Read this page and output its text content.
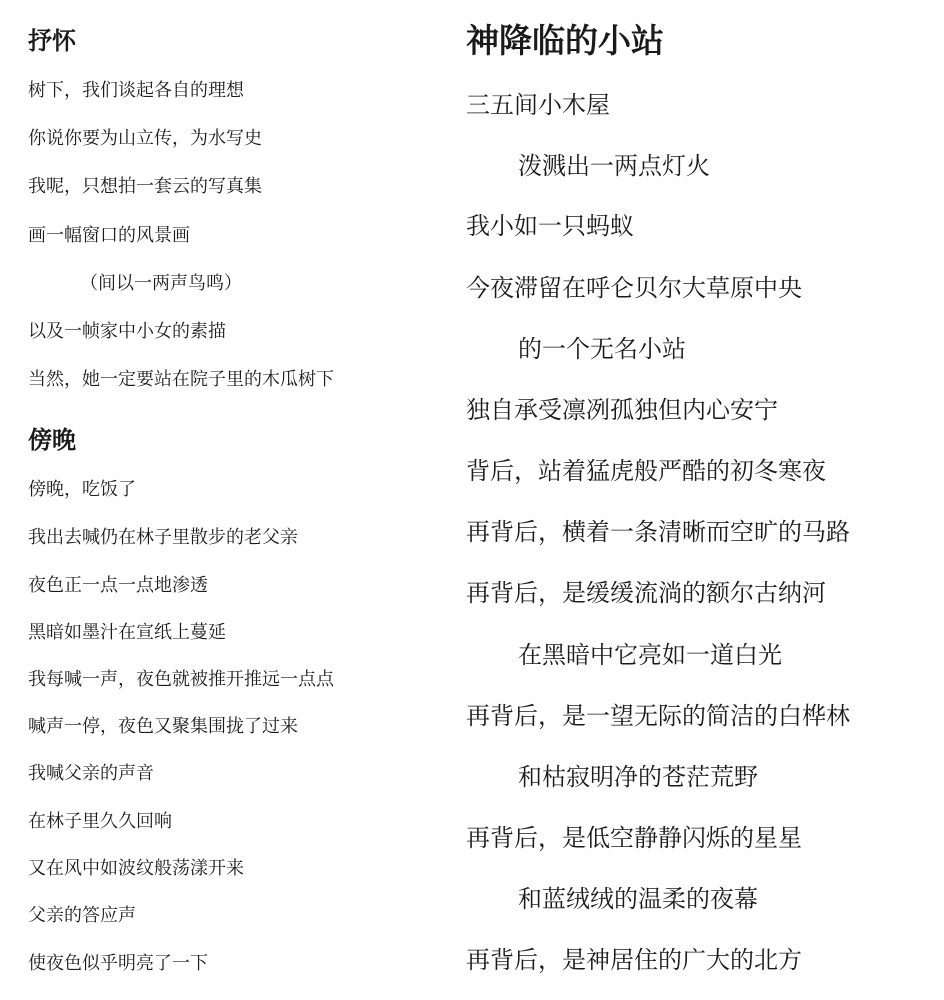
抒怀

树下，我们谈起各自的理想

你说你要为山立传，为水写史

我呢，只想拍一套云的写真集

画一幅窗口的风景画

（间以一两声鸟鸣）

以及一帧家中小女的素描

当然，她一定要站在院子里的木瓜树下

傍晚

傍晚，吃饭了

我出去喊仍在林子里散步的老父亲

夜色正一点一点地渗透

黑暗如墨汁在宣纸上蔓延

我每喊一声，夜色就被推开推远一点点

喊声一停，夜色又聚集围拢了过来

我喊父亲的声音

在林子里久久回响

又在风中如波纹般荡漾开来

父亲的答应声

使夜色似乎明亮了一下

神降临的小站

三五间小木屋

泼溅出一两点灯火

我小如一只蚂蚁

今夜滞留在呼仑贝尔大草原中央

的一个无名小站

独自承受凛冽孤独但内心安宁

背后，站着猛虎般严酷的初冬寒夜

再背后，横着一条清晰而空旷的马路

再背后，是缓缓流淌的额尔古纳河

在黑暗中它亮如一道白光

再背后，是一望无际的简洁的白桦林

和枯寂明净的苍茫荒野

再背后，是低空静静闪烁的星星

和蓝绒绒的温柔的夜幕

再背后，是神居住的广大的北方
